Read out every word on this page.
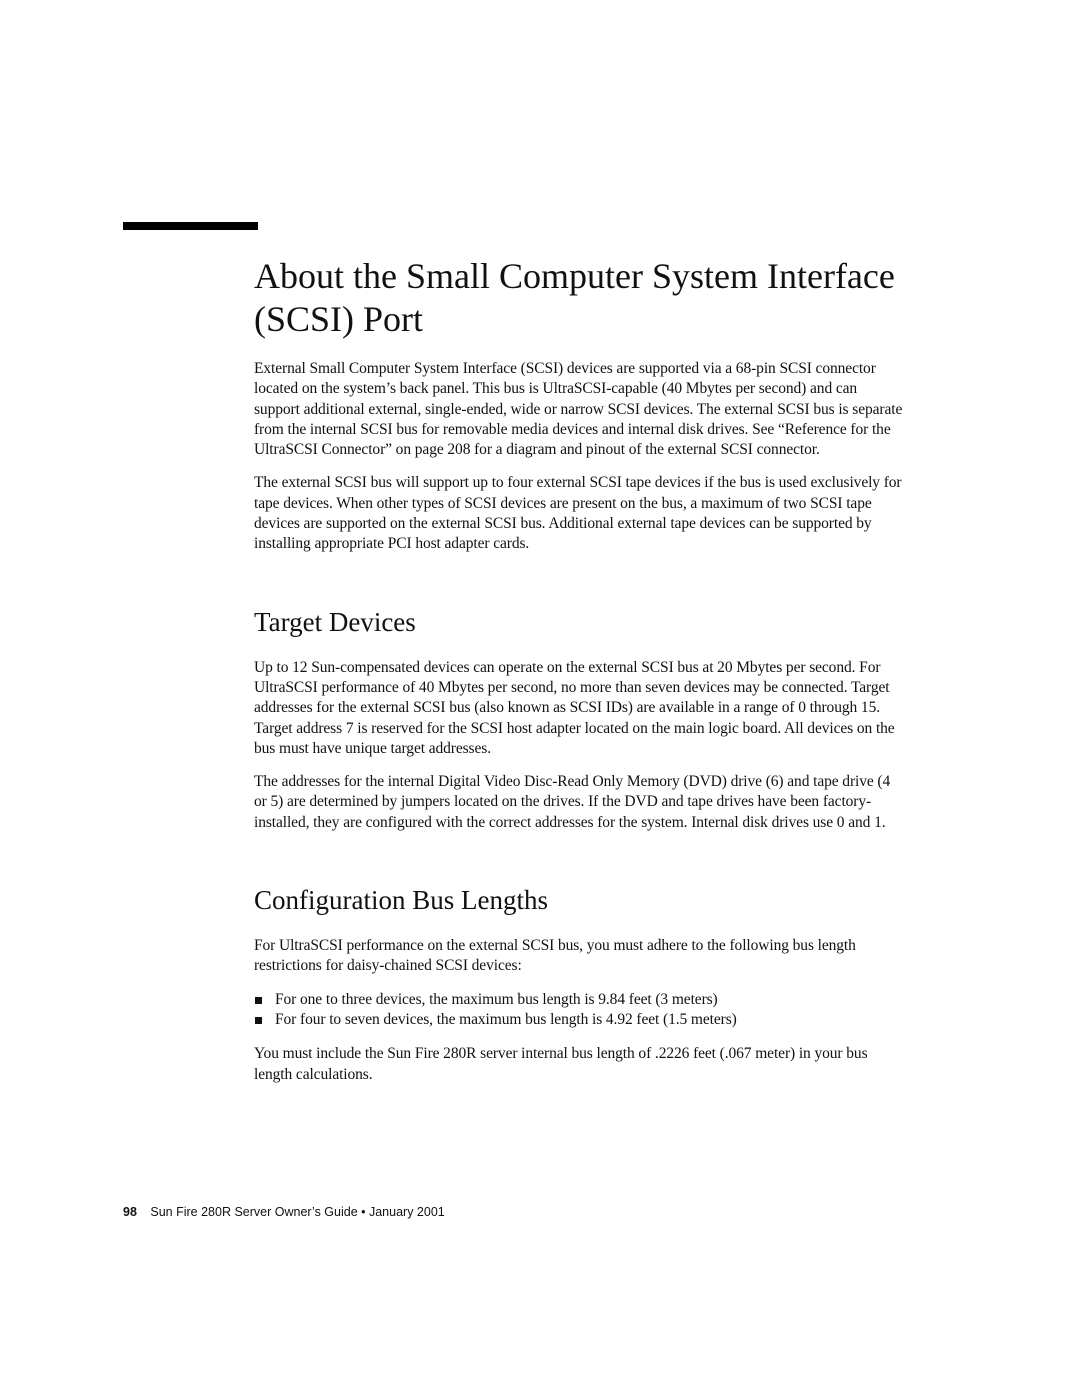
About the Small Computer System Interface (SCSI) Port

External Small Computer System Interface (SCSI) devices are supported via a 68-pin SCSI connector located on the system’s back panel. This bus is UltraSCSI-capable (40 Mbytes per second) and can support additional external, single-ended, wide or narrow SCSI devices. The external SCSI bus is separate from the internal SCSI bus for removable media devices and internal disk drives. See “Reference for the UltraSCSI Connector” on page 208 for a diagram and pinout of the external SCSI connector.

The external SCSI bus will support up to four external SCSI tape devices if the bus is used exclusively for tape devices. When other types of SCSI devices are present on the bus, a maximum of two SCSI tape devices are supported on the external SCSI bus. Additional external tape devices can be supported by installing appropriate PCI host adapter cards.

Target Devices

Up to 12 Sun-compensated devices can operate on the external SCSI bus at 20 Mbytes per second. For UltraSCSI performance of 40 Mbytes per second, no more than seven devices may be connected. Target addresses for the external SCSI bus (also known as SCSI IDs) are available in a range of 0 through 15. Target address 7 is reserved for the SCSI host adapter located on the main logic board. All devices on the bus must have unique target addresses.

The addresses for the internal Digital Video Disc-Read Only Memory (DVD) drive (6) and tape drive (4 or 5) are determined by jumpers located on the drives. If the DVD and tape drives have been factory-installed, they are configured with the correct addresses for the system. Internal disk drives use 0 and 1.

Configuration Bus Lengths

For UltraSCSI performance on the external SCSI bus, you must adhere to the following bus length restrictions for daisy-chained SCSI devices:

For one to three devices, the maximum bus length is 9.84 feet (3 meters)
For four to seven devices, the maximum bus length is 4.92 feet (1.5 meters)

You must include the Sun Fire 280R server internal bus length of .2226 feet (.067 meter) in your bus length calculations.

98 Sun Fire 280R Server Owner’s Guide • January 2001
